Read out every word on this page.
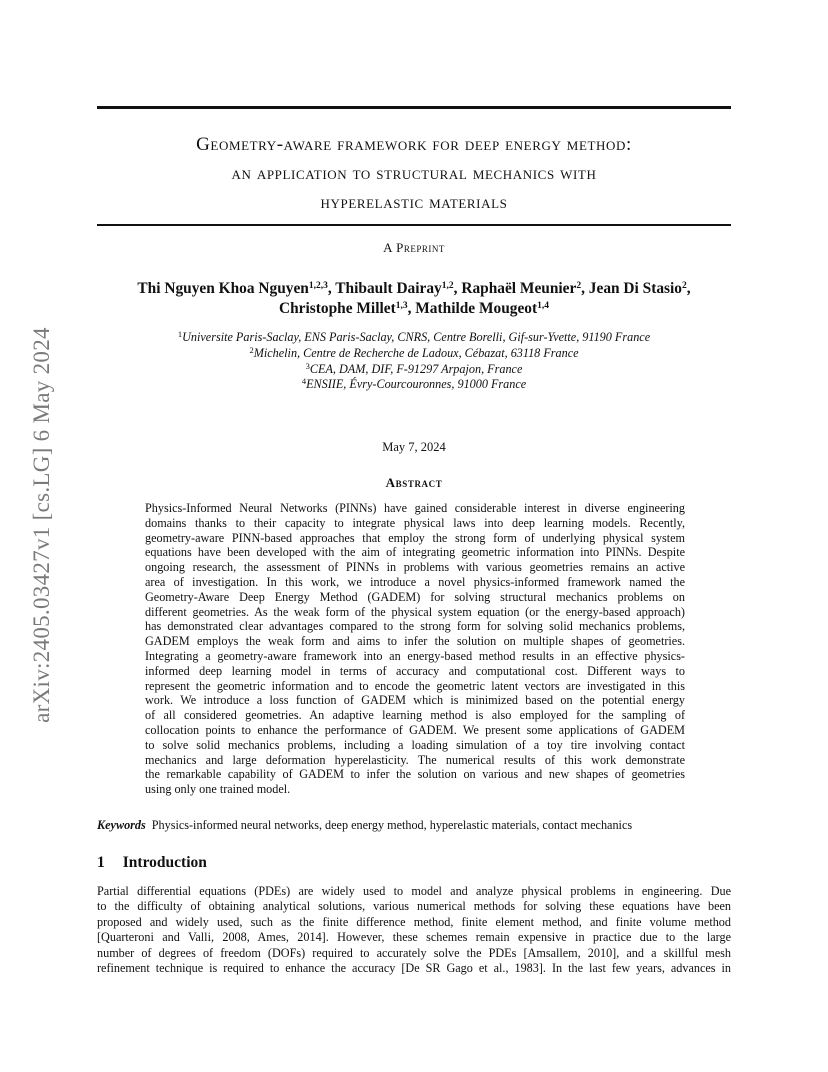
arXiv:2405.03427v1 [cs.LG] 6 May 2024
Geometry-aware framework for deep energy method:
an application to structural mechanics with
hyperelastic materials
A Preprint
Thi Nguyen Khoa Nguyen$^{1,2,3}$, Thibault Dairay$^{1,2}$, Raphaël Meunier$^2$, Jean Di Stasio$^2$,
Christophe Millet$^{1,3}$, Mathilde Mougeot$^{1,4}$
$^1$Universite Paris-Saclay, ENS Paris-Saclay, CNRS, Centre Borelli, Gif-sur-Yvette, 91190 France
$^2$Michelin, Centre de Recherche de Ladoux, Cébazat, 63118 France
$^3$CEA, DAM, DIF, F-91297 Arpajon, France
$^4$ENSIIE, Évry-Courcouronnes, 91000 France
May 7, 2024
Abstract
Physics-Informed Neural Networks (PINNs) have gained considerable interest in diverse engineering
domains thanks to their capacity to integrate physical laws into deep learning models. Recently,
geometry-aware PINN-based approaches that employ the strong form of underlying physical system
equations have been developed with the aim of integrating geometric information into PINNs. Despite
ongoing research, the assessment of PINNs in problems with various geometries remains an active
area of investigation. In this work, we introduce a novel physics-informed framework named the
Geometry-Aware Deep Energy Method (GADEM) for solving structural mechanics problems on
different geometries. As the weak form of the physical system equation (or the energy-based approach)
has demonstrated clear advantages compared to the strong form for solving solid mechanics problems,
GADEM employs the weak form and aims to infer the solution on multiple shapes of geometries.
Integrating a geometry-aware framework into an energy-based method results in an effective physics-
informed deep learning model in terms of accuracy and computational cost. Different ways to
represent the geometric information and to encode the geometric latent vectors are investigated in this
work. We introduce a loss function of GADEM which is minimized based on the potential energy
of all considered geometries. An adaptive learning method is also employed for the sampling of
collocation points to enhance the performance of GADEM. We present some applications of GADEM
to solve solid mechanics problems, including a loading simulation of a toy tire involving contact
mechanics and large deformation hyperelasticity. The numerical results of this work demonstrate
the remarkable capability of GADEM to infer the solution on various and new shapes of geometries
using only one trained model.
Keywords Physics-informed neural networks, deep energy method, hyperelastic materials, contact mechanics
1 Introduction
Partial differential equations (PDEs) are widely used to model and analyze physical problems in engineering. Due
to the difficulty of obtaining analytical solutions, various numerical methods for solving these equations have been
proposed and widely used, such as the finite difference method, finite element method, and finite volume method
[Quarteroni and Valli, 2008, Ames, 2014]. However, these schemes remain expensive in practice due to the large
number of degrees of freedom (DOFs) required to accurately solve the PDEs [Amsallem, 2010], and a skillful mesh
refinement technique is required to enhance the accuracy [De SR Gago et al., 1983]. In the last few years, advances in
